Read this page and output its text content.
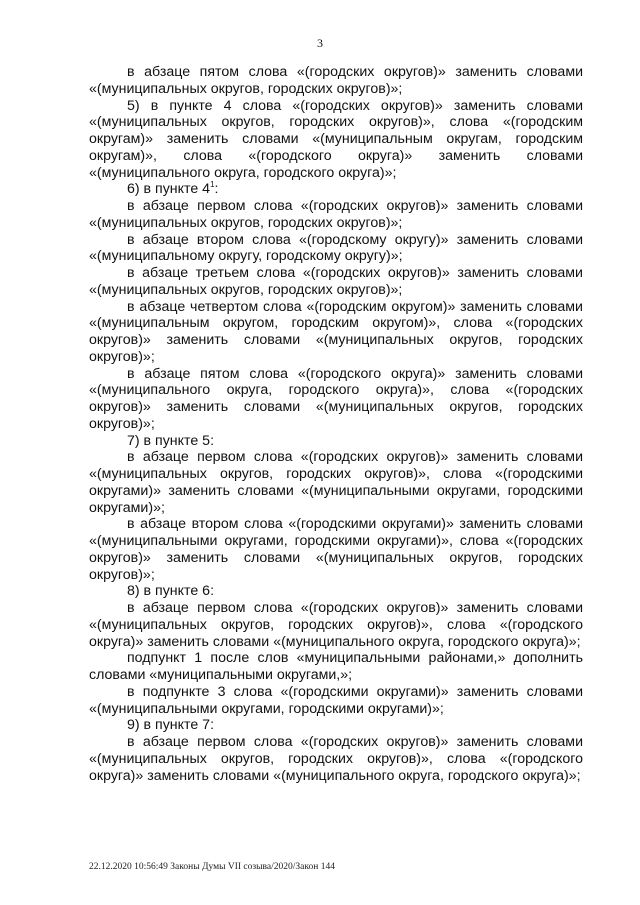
3

в абзаце пятом слова «(городских округов)» заменить словами «(муниципальных округов, городских округов)»;

5) в пункте 4 слова «(городских округов)» заменить словами «(муниципальных округов, городских округов)», слова «(городским округам)» заменить словами «(муниципальным округам, городским округам)», слова «(городского округа)» заменить словами «(муниципального округа, городского округа)»;

6) в пункте $4^1$:

в абзаце первом слова «(городских округов)» заменить словами «(муниципальных округов, городских округов)»;

в абзаце втором слова «(городскому округу)» заменить словами «(муниципальному округу, городскому округу)»;

в абзаце третьем слова «(городских округов)» заменить словами «(муниципальных округов, городских округов)»;

в абзаце четвертом слова «(городским округом)» заменить словами «(муниципальным округом, городским округом)», слова «(городских округов)» заменить словами «(муниципальных округов, городских округов)»;

в абзаце пятом слова «(городского округа)» заменить словами «(муниципального округа, городского округа)», слова «(городских округов)» заменить словами «(муниципальных округов, городских округов)»;

7) в пункте 5:

в абзаце первом слова «(городских округов)» заменить словами «(муниципальных округов, городских округов)», слова «(городскими округами)» заменить словами «(муниципальными округами, городскими округами)»;

в абзаце втором слова «(городскими округами)» заменить словами «(муниципальными округами, городскими округами)», слова «(городских округов)» заменить словами «(муниципальных округов, городских округов)»;

8) в пункте 6:

в абзаце первом слова «(городских округов)» заменить словами «(муниципальных округов, городских округов)», слова «(городского округа)» заменить словами «(муниципального округа, городского округа)»;

подпункт 1 после слов «муниципальными районами,» дополнить словами «муниципальными округами,»;

в подпункте 3 слова «(городскими округами)» заменить словами «(муниципальными округами, городскими округами)»;

9) в пункте 7:

в абзаце первом слова «(городских округов)» заменить словами «(муниципальных округов, городских округов)», слова «(городского округа)» заменить словами «(муниципального округа, городского округа)»;

22.12.2020 10:56:49 Законы Думы VII созыва/2020/Закон 144
